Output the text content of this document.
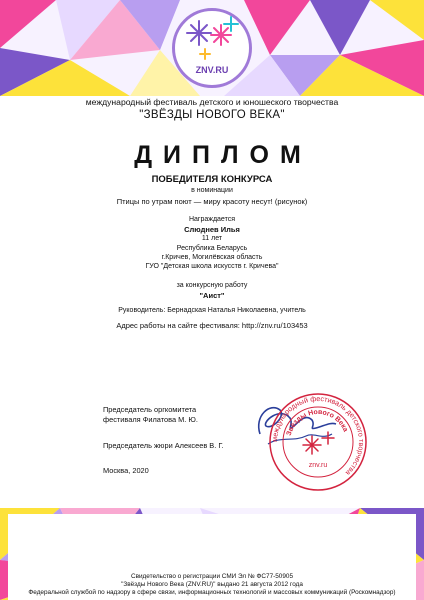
ZNV.RU
международный фестиваль детского и юношеского творчества
"ЗВЁЗДЫ НОВОГО ВЕКА"
ДИПЛОМ
ПОБЕДИТЕЛЯ КОНКУРСА
в номинации
Птицы по утрам поют — миру красоту несут! (рисунок)
Награждается
Слюднев Илья
11 лет
Республика Беларусь
г.Кричев, Могилёвская область
ГУО "Детская школа искусств г. Кричева"
за конкурсную работу
"Аист"
Руководитель: Бернадская Наталья Николаевна, учитель
Адрес работы на сайте фестиваля: http://znv.ru/103453
Председатель оргкомитета
фестиваля Филатова М. Ю.
Председатель жюри Алексеев В. Г.
Москва, 2020
международный фестиваль детского творчества
Звёзды Нового Века
znv.ru
Свидетельство о регистрации СМИ Эл № ФС77-50905
"Звёзды Нового Века (ZNV.RU)" выдано 21 августа 2012 года
Федеральной службой по надзору в сфере связи, информационных технологий и массовых коммуникаций (Роскомнадзор)
